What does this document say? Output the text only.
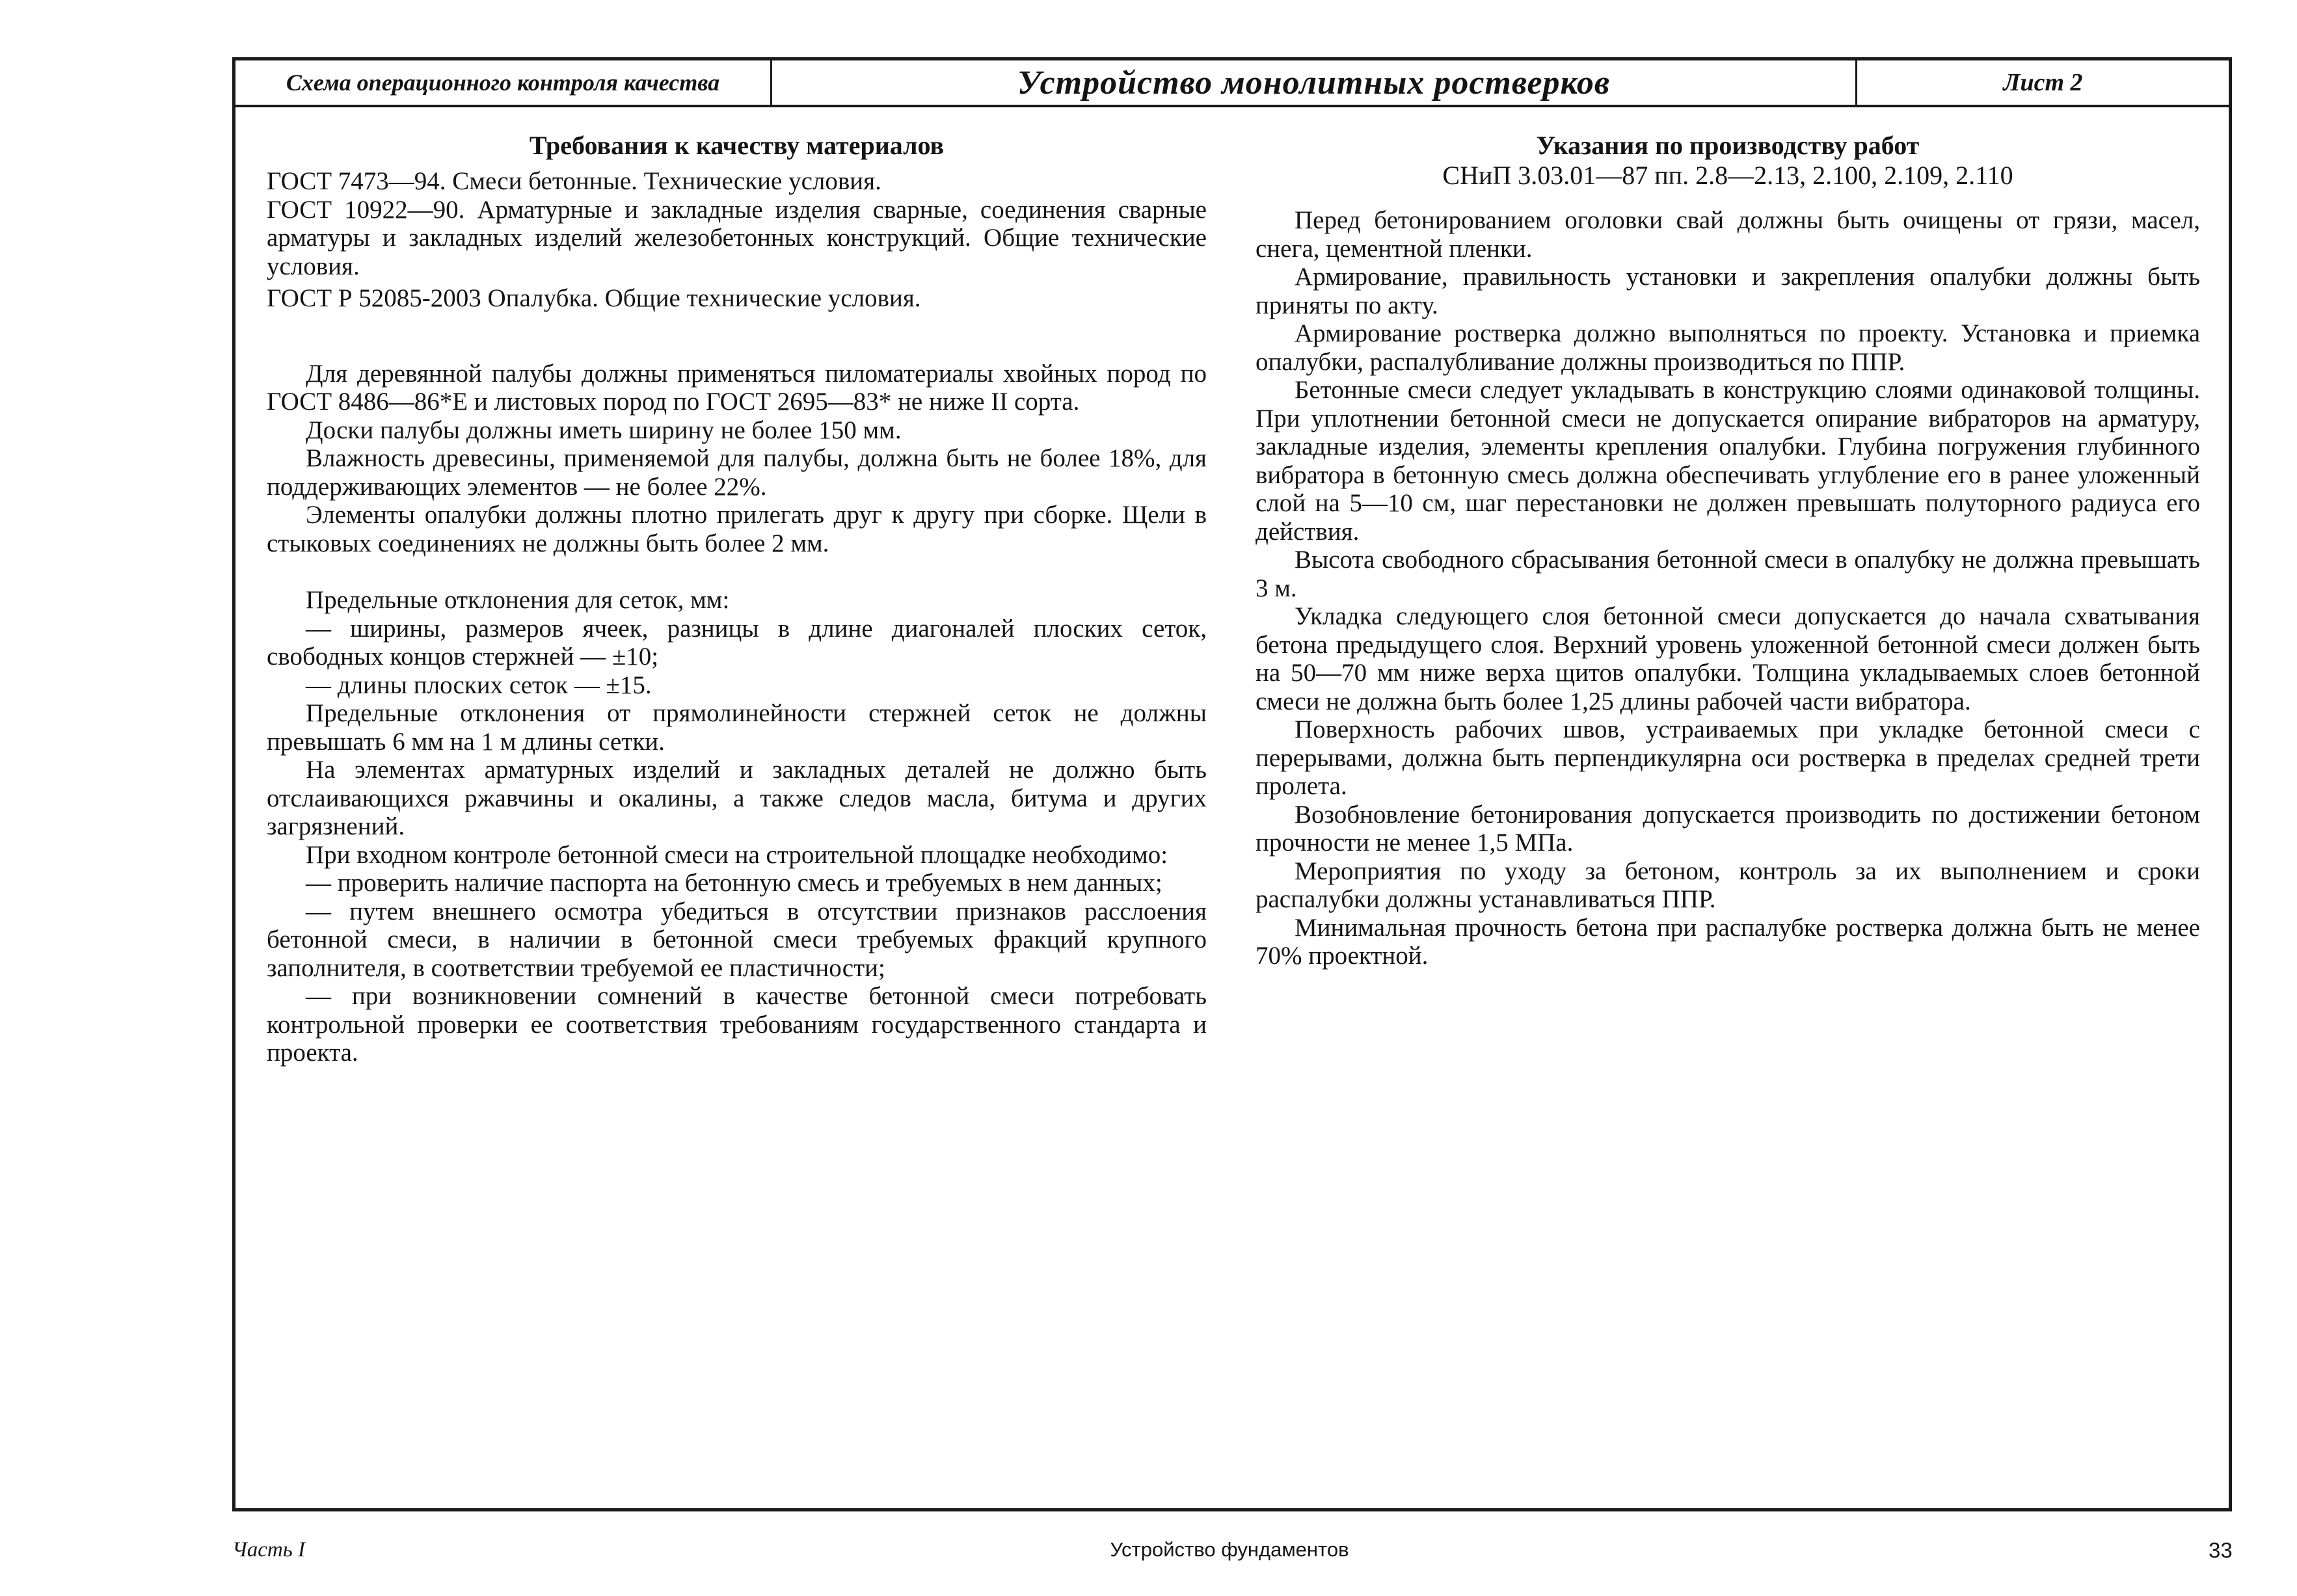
Схема операционного контроля качества	Устройство монолитных ростверков	Лист 2
Требования к качеству материалов

ГОСТ 7473—94. Смеси бетонные. Технические условия.

ГОСТ 10922—90. Арматурные и закладные изделия сварные, соединения сварные арматуры и закладных изделий железобетонных конструкций. Общие технические условия.

ГОСТ Р 52085-2003 Опалубка. Общие технические условия.

Для деревянной палубы должны применяться пиломатериалы хвойных пород по ГОСТ 8486—86*Е и листовых пород по ГОСТ 2695—83* не ниже II сорта.

Доски палубы должны иметь ширину не более 150 мм.

Влажность древесины, применяемой для палубы, должна быть не более 18%, для поддерживающих элементов — не более 22%.

Элементы опалубки должны плотно прилегать друг к другу при сборке. Щели в стыковых соединениях не должны быть более 2 мм.

Предельные отклонения для сеток, мм:

— ширины, размеров ячеек, разницы в длине диагоналей плоских сеток, свободных концов стержней — ±10;

— длины плоских сеток — ±15.

Предельные отклонения от прямолинейности стержней сеток не должны превышать 6 мм на 1 м длины сетки.

На элементах арматурных изделий и закладных деталей не должно быть отслаивающихся ржавчины и окалины, а также следов масла, битума и других загрязнений.

При входном контроле бетонной смеси на строительной площадке необходимо:

— проверить наличие паспорта на бетонную смесь и требуемых в нем данных;

— путем внешнего осмотра убедиться в отсутствии признаков расслоения бетонной смеси, в наличии в бетонной смеси требуемых фракций крупного заполнителя, в соответствии требуемой ее пластичности;

— при возникновении сомнений в качестве бетонной смеси потребовать контрольной проверки ее соответствия требованиям государственного стандарта и проекта.

Указания по производству работ
СНиП 3.03.01—87 пп. 2.8—2.13, 2.100, 2.109, 2.110

Перед бетонированием оголовки свай должны быть очищены от грязи, масел, снега, цементной пленки.

Армирование, правильность установки и закрепления опалубки должны быть приняты по акту.

Армирование ростверка должно выполняться по проекту. Установка и приемка опалубки, распалубливание должны производиться по ППР.

Бетонные смеси следует укладывать в конструкцию слоями одинаковой толщины. При уплотнении бетонной смеси не допускается опирание вибраторов на арматуру, закладные изделия, элементы крепления опалубки. Глубина погружения глубинного вибратора в бетонную смесь должна обеспечивать углубление его в ранее уложенный слой на 5—10 см, шаг перестановки не должен превышать полуторного радиуса его действия.

Высота свободного сбрасывания бетонной смеси в опалубку не должна превышать 3 м.

Укладка следующего слоя бетонной смеси допускается до начала схватывания бетона предыдущего слоя. Верхний уровень уложенной бетонной смеси должен быть на 50—70 мм ниже верха щитов опалубки. Толщина укладываемых слоев бетонной смеси не должна быть более 1,25 длины рабочей части вибратора.

Поверхность рабочих швов, устраиваемых при укладке бетонной смеси с перерывами, должна быть перпендикулярна оси ростверка в пределах средней трети пролета.

Возобновление бетонирования допускается производить по достижении бетоном прочности не менее 1,5 МПа.

Мероприятия по уходу за бетоном, контроль за их выполнением и сроки распалубки должны устанавливаться ППР.

Минимальная прочность бетона при распалубке ростверка должна быть не менее 70% проектной.

Часть I	Устройство фундаментов	33
